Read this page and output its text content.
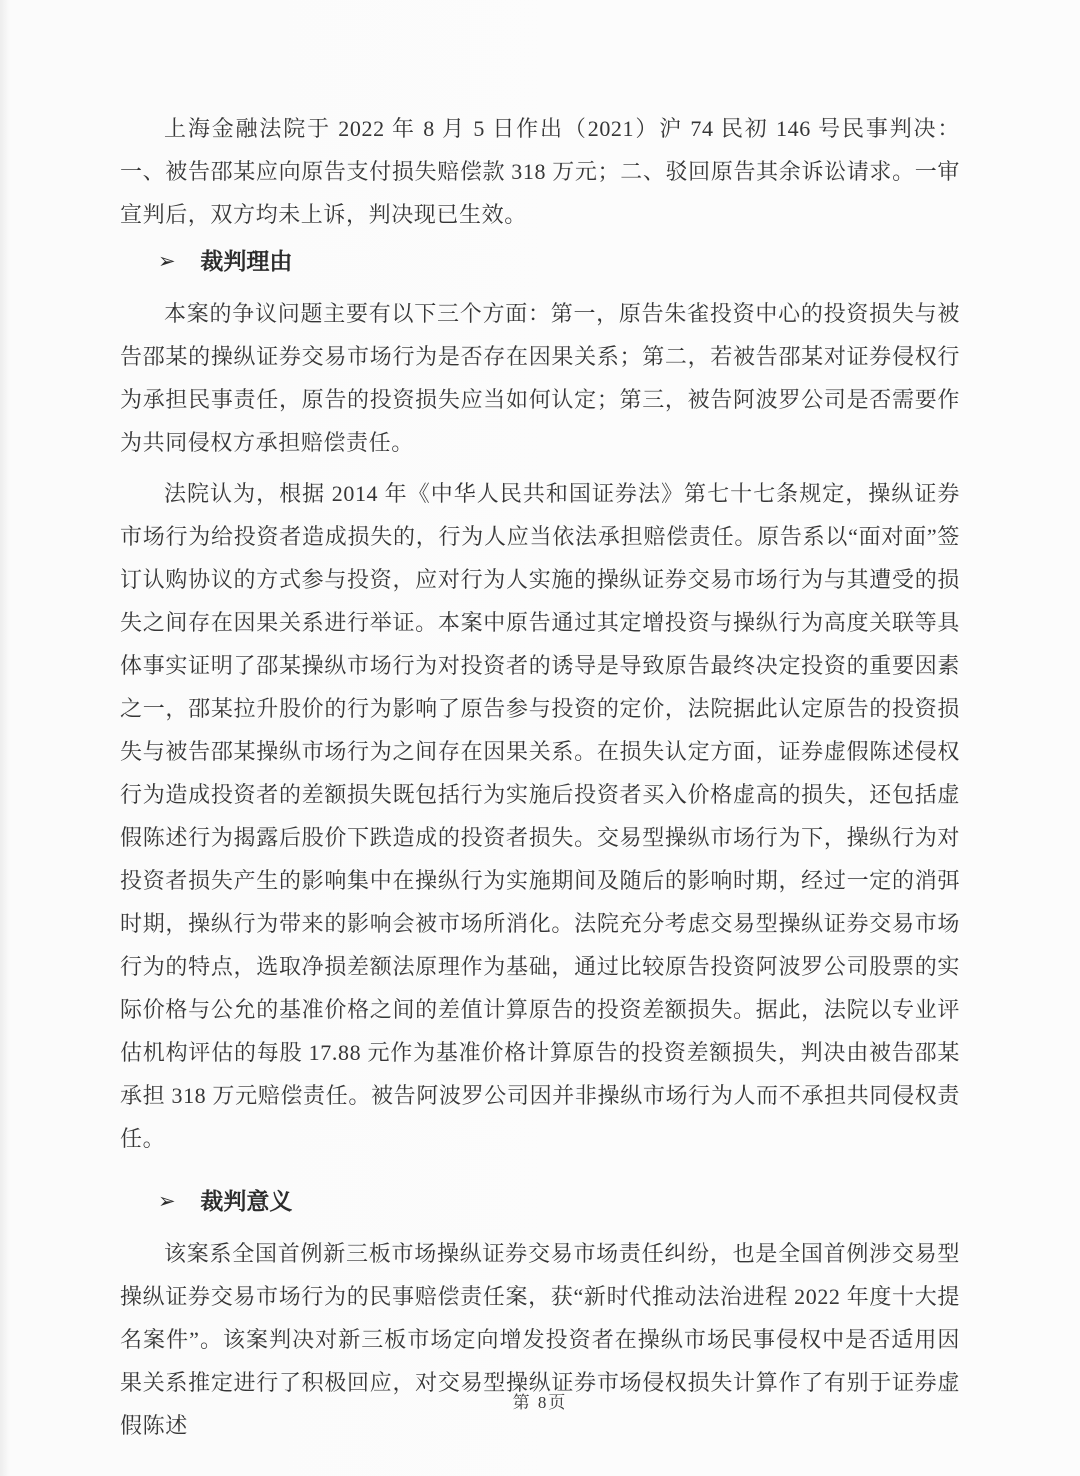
上海金融法院于 2022 年 8 月 5 日作出（2021）沪 74 民初 146 号民事判决：一、被告邵某应向原告支付损失赔偿款 318 万元；二、驳回原告其余诉讼请求。一审宣判后，双方均未上诉，判决现已生效。

➢ 裁判理由

本案的争议问题主要有以下三个方面：第一，原告朱雀投资中心的投资损失与被告邵某的操纵证券交易市场行为是否存在因果关系；第二，若被告邵某对证券侵权行为承担民事责任，原告的投资损失应当如何认定；第三，被告阿波罗公司是否需要作为共同侵权方承担赔偿责任。

法院认为，根据 2014 年《中华人民共和国证券法》第七十七条规定，操纵证券市场行为给投资者造成损失的，行为人应当依法承担赔偿责任。原告系以“面对面”签订认购协议的方式参与投资，应对行为人实施的操纵证券交易市场行为与其遭受的损失之间存在因果关系进行举证。本案中原告通过其定增投资与操纵行为高度关联等具体事实证明了邵某操纵市场行为对投资者的诱导是导致原告最终决定投资的重要因素之一，邵某拉升股价的行为影响了原告参与投资的定价，法院据此认定原告的投资损失与被告邵某操纵市场行为之间存在因果关系。在损失认定方面，证券虚假陈述侵权行为造成投资者的差额损失既包括行为实施后投资者买入价格虚高的损失，还包括虚假陈述行为揭露后股价下跌造成的投资者损失。交易型操纵市场行为下，操纵行为对投资者损失产生的影响集中在操纵行为实施期间及随后的影响时期，经过一定的消弭时期，操纵行为带来的影响会被市场所消化。法院充分考虑交易型操纵证券交易市场行为的特点，选取净损差额法原理作为基础，通过比较原告投资阿波罗公司股票的实际价格与公允的基准价格之间的差值计算原告的投资差额损失。据此，法院以专业评估机构评估的每股 17.88 元作为基准价格计算原告的投资差额损失，判决由被告邵某承担 318 万元赔偿责任。被告阿波罗公司因并非操纵市场行为人而不承担共同侵权责任。

➢ 裁判意义

该案系全国首例新三板市场操纵证券交易市场责任纠纷，也是全国首例涉交易型操纵证券交易市场行为的民事赔偿责任案，获“新时代推动法治进程 2022 年度十大提名案件”。该案判决对新三板市场定向增发投资者在操纵市场民事侵权中是否适用因果关系推定进行了积极回应，对交易型操纵证券市场侵权损失计算作了有别于证券虚假陈述

第 8页
